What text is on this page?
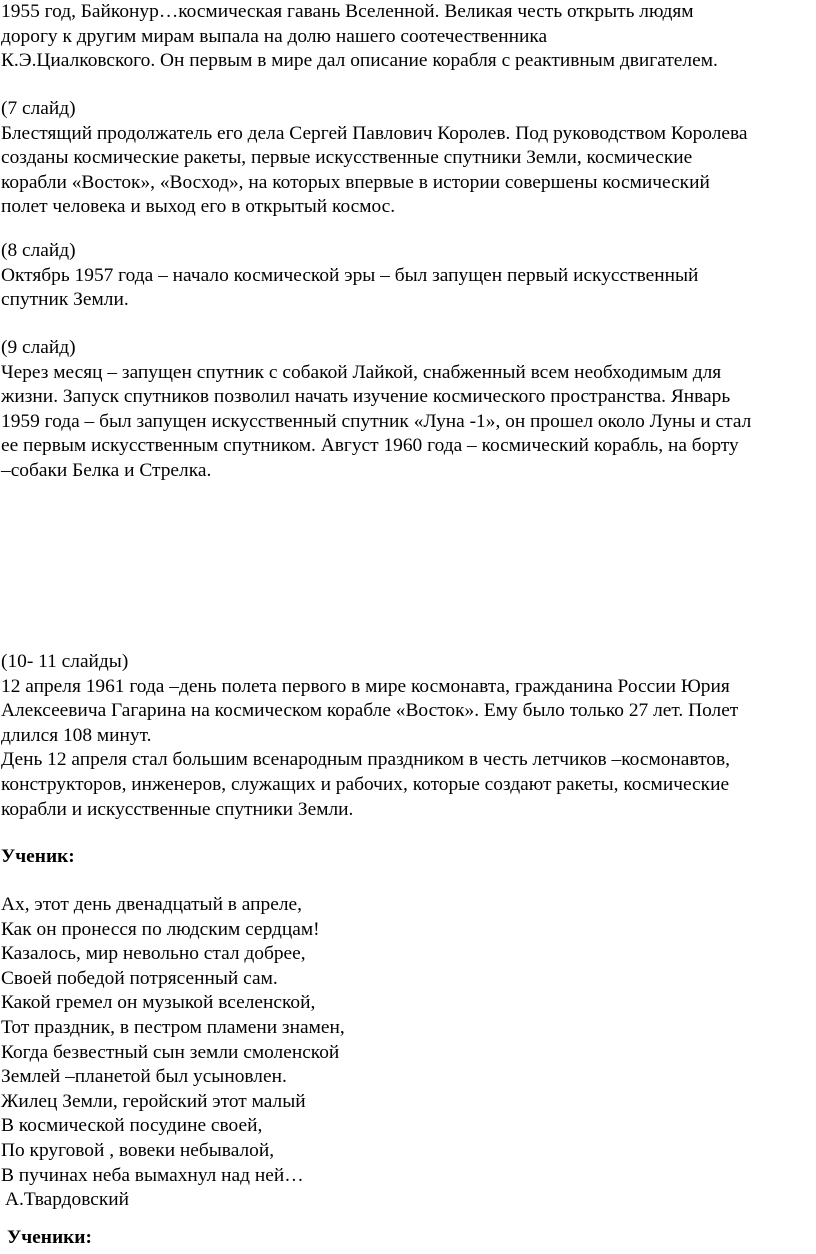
1955 год, Байконур…космическая гавань Вселенной. Великая честь открыть людям
дорогу к другим мирам выпала на долю нашего соотечественника
К.Э.Циалковского. Он первым в мире дал описание корабля с реактивным двигателем.
(7 слайд)
Блестящий продолжатель его дела Сергей Павлович Королев. Под руководством Королева
созданы космические ракеты, первые искусственные спутники Земли, космические
корабли «Восток», «Восход», на которых впервые в истории совершены космический
полет человека и выход его в открытый космос.
(8 слайд)
Октябрь 1957 года – начало космической эры – был запущен первый искусственный
спутник Земли.
(9 слайд)
Через месяц – запущен спутник с собакой Лайкой, снабженный всем необходимым для
жизни. Запуск спутников позволил начать изучение космического пространства. Январь
1959 года – был запущен искусственный спутник «Луна -1», он прошел около Луны и стал
ее первым искусственным спутником. Август 1960 года – космический корабль, на борту
–собаки Белка и Стрелка.
(10- 11 слайды)
12 апреля 1961 года –день полета первого в мире космонавта, гражданина России Юрия
Алексеевича Гагарина на космическом корабле «Восток». Ему было только 27 лет. Полет
длился 108 минут.
День 12 апреля стал большим всенародным праздником в честь летчиков –космонавтов,
конструкторов, инженеров, служащих и рабочих, которые создают ракеты, космические
корабли и искусственные спутники Земли.
Ученик:
Ах, этот день двенадцатый в апреле,
Как он пронесся по людским сердцам!
Казалось, мир невольно стал добрее,
Своей победой потрясенный сам.
Какой гремел он музыкой вселенской,
Тот праздник, в пестром пламени знамен,
Когда безвестный сын земли смоленской
Землей –планетой был усыновлен.
Жилец Земли, геройский этот малый
В космической посудине своей,
По круговой , вовеки небывалой,
В пучинах неба вымахнул над ней…
А.Твардовский
Ученики:
